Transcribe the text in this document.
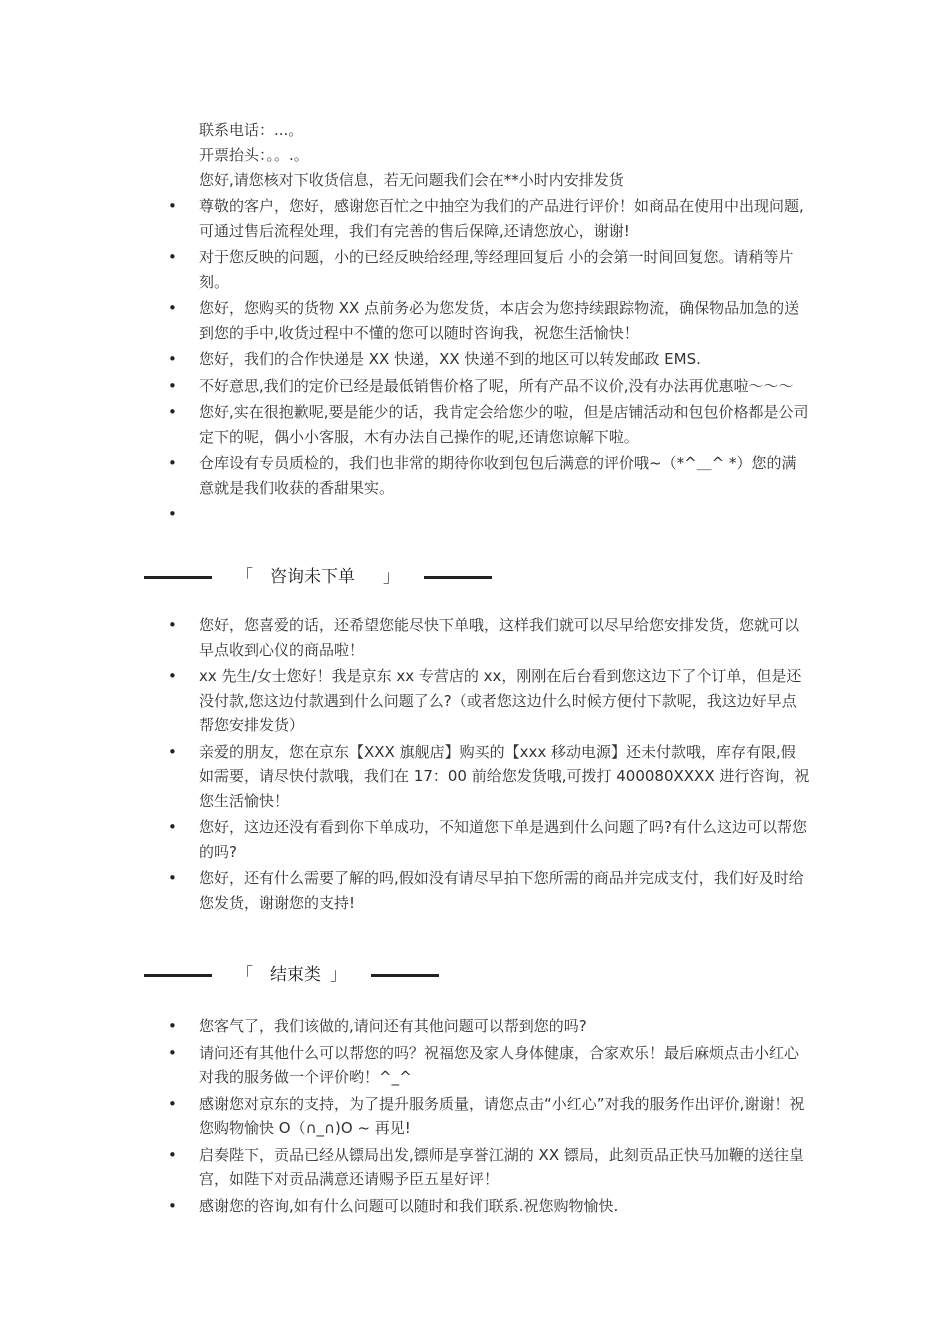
联系电话：...。
开票抬头：。。.。
您好,请您核对下收货信息，若无问题我们会在**小时内安排发货
• 尊敬的客户，您好，感谢您百忙之中抽空为我们的产品进行评价！如商品在使用中出现问题,可通过售后流程处理，我们有完善的售后保障,还请您放心，谢谢!
• 对于您反映的问题，小的已经反映给经理,等经理回复后 小的会第一时间回复您。请稍等片刻。
• 您好，您购买的货物 XX 点前务必为您发货，本店会为您持续跟踪物流，确保物品加急的送到您的手中,收货过程中不懂的您可以随时咨询我，祝您生活愉快！
• 您好，我们的合作快递是 XX 快递，XX 快递不到的地区可以转发邮政 EMS.
• 不好意思,我们的定价已经是最低销售价格了呢，所有产品不议价,没有办法再优惠啦～～～
• 您好,实在很抱歉呢,要是能少的话，我肯定会给您少的啦，但是店铺活动和包包价格都是公司定下的呢，偶小小客服，木有办法自己操作的呢,还请您谅解下啦。
• 仓库设有专员质检的，我们也非常的期待你收到包包后满意的评价哦~（*^＿^ *）您的满意就是我们收获的香甜果实。
•

「 咨询未下单 」
• 您好，您喜爱的话，还希望您能尽快下单哦，这样我们就可以尽早给您安排发货，您就可以早点收到心仪的商品啦！
• xx 先生/女士您好！我是京东 xx 专营店的 xx，刚刚在后台看到您这边下了个订单，但是还没付款,您这边付款遇到什么问题了么?（或者您这边什么时候方便付下款呢，我这边好早点帮您安排发货）
• 亲爱的朋友，您在京东【XXX 旗舰店】购买的【xxx 移动电源】还未付款哦，库存有限,假如需要，请尽快付款哦，我们在 17：00 前给您发货哦,可拨打 400080XXXX 进行咨询，祝您生活愉快！
• 您好，这边还没有看到你下单成功，不知道您下单是遇到什么问题了吗?有什么这边可以帮您的吗?
• 您好，还有什么需要了解的吗,假如没有请尽早拍下您所需的商品并完成支付，我们好及时给您发货，谢谢您的支持!
「 结束类 」
• 您客气了，我们该做的,请问还有其他问题可以帮到您的吗?
• 请问还有其他什么可以帮您的吗？祝福您及家人身体健康，合家欢乐！最后麻烦点击小红心对我的服务做一个评价哟！^_^
• 感谢您对京东的支持，为了提升服务质量，请您点击“小红心”对我的服务作出评价,谢谢！祝您购物愉快 O（∩_∩)O ~ 再见!
• 启奏陛下，贡品已经从镖局出发,镖师是享誉江湖的 XX 镖局，此刻贡品正快马加鞭的送往皇宫，如陛下对贡品满意还请赐予臣五星好评！
• 感谢您的咨询,如有什么问题可以随时和我们联系.祝您购物愉快.
